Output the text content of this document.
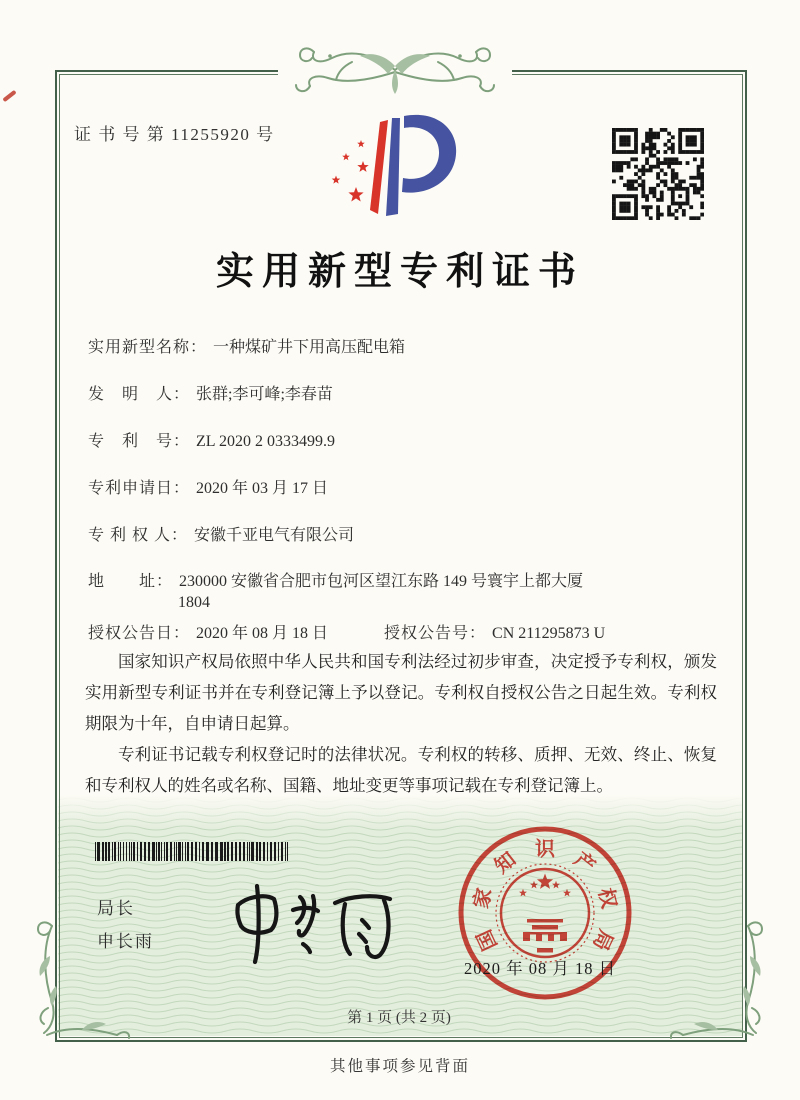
证 书 号 第 11255920 号
实用新型专利证书
实用新型名称： 一种煤矿井下用高压配电箱
发　明　人： 张群;李可峰;李春苗
专　利　号： ZL 2020 2 0333499.9
专利申请日： 2020 年 03 月 17 日
专 利 权 人： 安徽千亚电气有限公司
地　　址： 230000 安徽省合肥市包河区望江东路 149 号寰宇上都大厦
1804
授权公告日： 2020 年 08 月 18 日	授权公告号： CN 211295873 U

国家知识产权局依照中华人民共和国专利法经过初步审查，决定授予专利权，颁发实用新型专利证书并在专利登记簿上予以登记。专利权自授权公告之日起生效。专利权期限为十年，自申请日起算。

专利证书记载专利权登记时的法律状况。专利权的转移、质押、无效、终止、恢复和专利权人的姓名或名称、国籍、地址变更等事项记载在专利登记簿上。

局长
申长雨	国
家
知 识 产
权
局
2020 年 08 月 18 日
第 1 页 (共 2 页)
其他事项参见背面
